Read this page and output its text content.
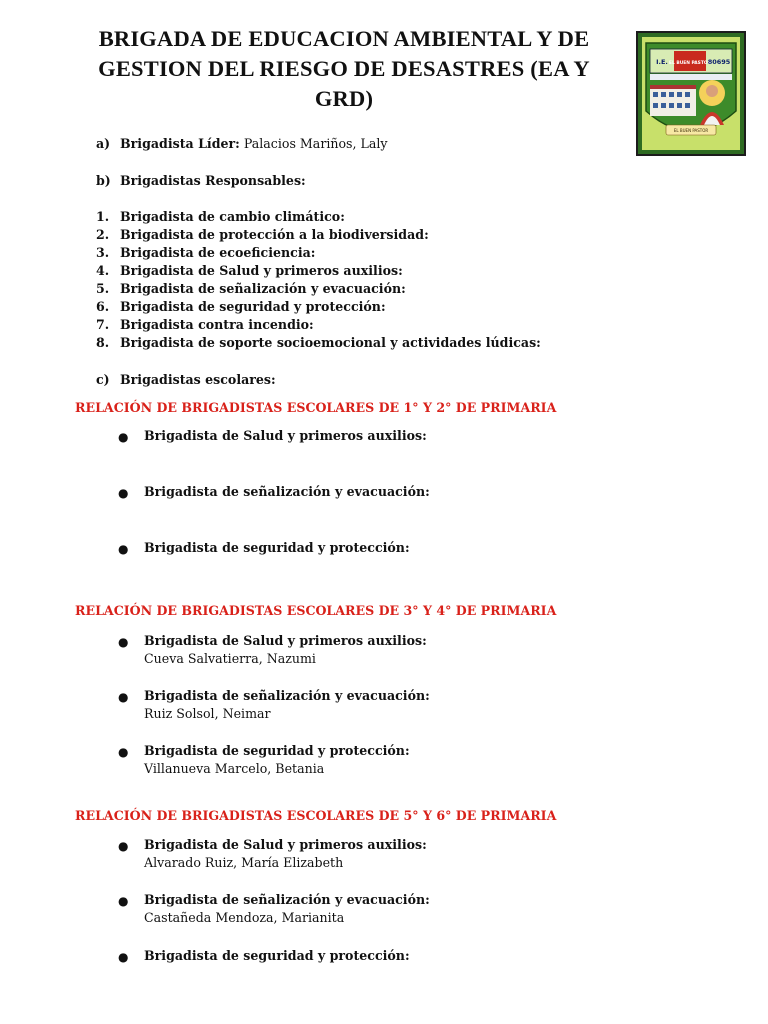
BRIGADA DE EDUCACION AMBIENTAL Y DE
GESTION DEL RIESGO DE DESASTRES (EA Y
GRD)
I.E. EL BUEN PASTOR
80695
EL BUEN PASTOR
a) Brigadista Líder: Palacios Mariños, Laly
b) Brigadistas Responsables:
1. Brigadista de cambio climático:
2. Brigadista de protección a la biodiversidad:
3. Brigadista de ecoeficiencia:
4. Brigadista de Salud y primeros auxilios:
5. Brigadista de señalización y evacuación:
6. Brigadista de seguridad y protección:
7. Brigadista contra incendio:
8. Brigadista de soporte socioemocional y actividades lúdicas:
c) Brigadistas escolares:
RELACIÓN DE BRIGADISTAS ESCOLARES DE 1° Y 2° DE PRIMARIA
● Brigadista de Salud y primeros auxilios:
● Brigadista de señalización y evacuación:
● Brigadista de seguridad y protección:
RELACIÓN DE BRIGADISTAS ESCOLARES DE 3° Y 4° DE PRIMARIA
● Brigadista de Salud y primeros auxilios:
Cueva Salvatierra, Nazumi
● Brigadista de señalización y evacuación:
Ruiz Solsol, Neimar
● Brigadista de seguridad y protección:
Villanueva Marcelo, Betania
RELACIÓN DE BRIGADISTAS ESCOLARES DE 5° Y 6° DE PRIMARIA
● Brigadista de Salud y primeros auxilios:
Alvarado Ruiz, María Elizabeth
● Brigadista de señalización y evacuación:
Castañeda Mendoza, Marianita
● Brigadista de seguridad y protección:
